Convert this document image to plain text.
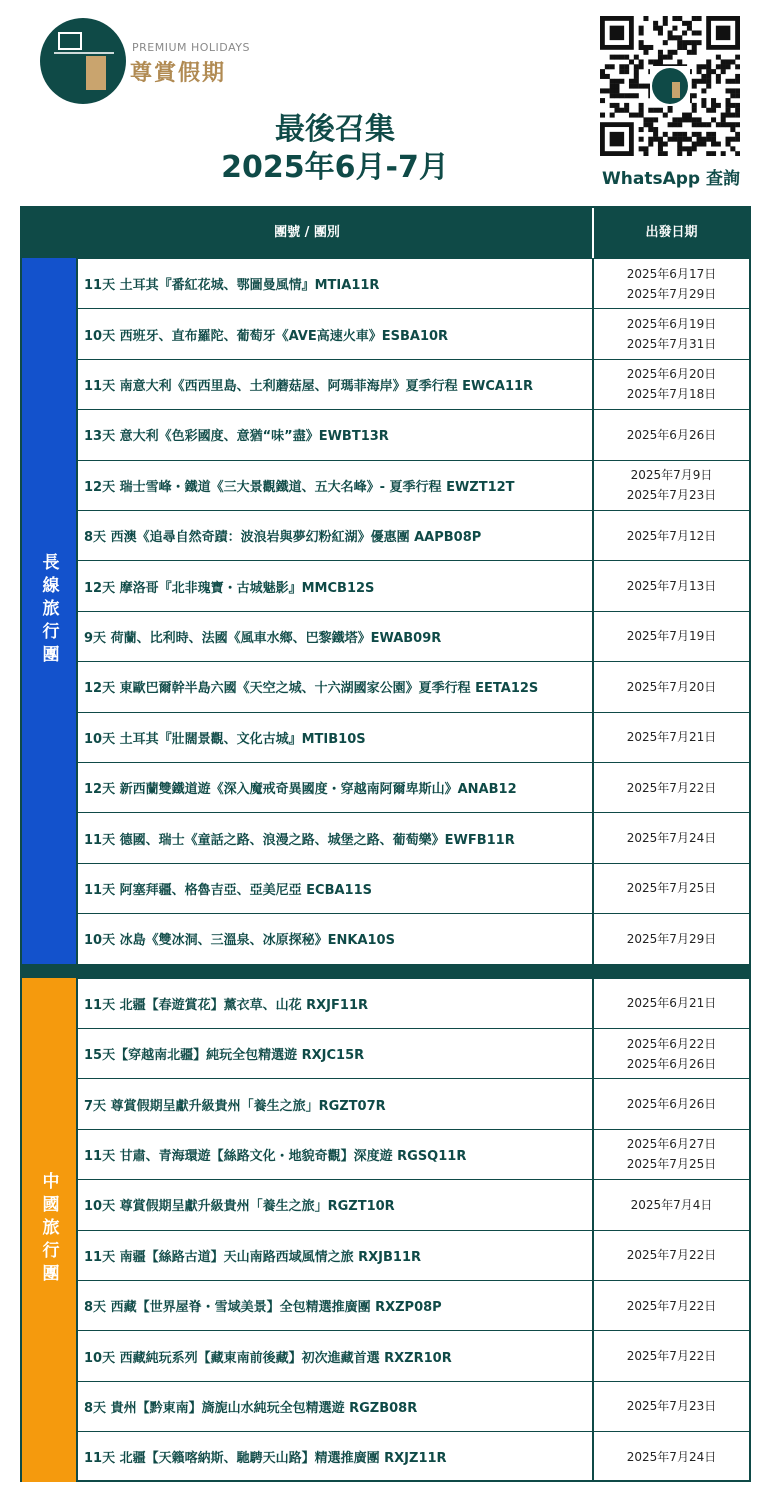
PREMIUM HOLIDAYS
尊賞假期
最後召集
2025年6月-7月	WhatsApp 查詢
團號 / 團別	出發日期
長線旅行團
11天 土耳其『番紅花城、鄂圖曼風情』MTIA11R
2025年6月17日
2025年7月29日
10天 西班牙、直布羅陀、葡萄牙《AVE高速火車》ESBA10R
2025年6月19日
2025年7月31日
11天 南意大利《西西里島、土利蘑菇屋、阿瑪菲海岸》夏季行程 EWCA11R
2025年6月20日
2025年7月18日
13天 意大利《色彩國度、意猶“味”盡》EWBT13R	2025年6月26日
12天 瑞士雪峰・鐵道《三大景觀鐵道、五大名峰》- 夏季行程 EWZT12T
2025年7月9日
2025年7月23日
8天 西澳《追尋自然奇蹟：波浪岩與夢幻粉紅湖》優惠團 AAPB08P	2025年7月12日
12天 摩洛哥『北非瑰寶・古城魅影』MMCB12S	2025年7月13日
9天 荷蘭、比利時、法國《風車水鄉、巴黎鐵塔》EWAB09R	2025年7月19日
12天 東歐巴爾幹半島六國《天空之城、十六湖國家公園》夏季行程 EETA12S	2025年7月20日
10天 土耳其『壯闊景觀、文化古城』MTIB10S	2025年7月21日
12天 新西蘭雙鐵道遊《深入魔戒奇異國度・穿越南阿爾卑斯山》ANAB12	2025年7月22日
11天 德國、瑞士《童話之路、浪漫之路、城堡之路、葡萄樂》EWFB11R	2025年7月24日
11天 阿塞拜疆、格魯吉亞、亞美尼亞 ECBA11S	2025年7月25日
10天 冰島《雙冰洞、三溫泉、冰原探秘》ENKA10S	2025年7月29日
中國旅行團
11天 北疆【春遊賞花】薰衣草、山花 RXJF11R	2025年6月21日
15天【穿越南北疆】純玩全包精選遊 RXJC15R
2025年6月22日
2025年6月26日
7天 尊賞假期呈獻升級貴州「養生之旅」RGZT07R	2025年6月26日
11天 甘肅、青海環遊【絲路文化・地貌奇觀】深度遊 RGSQ11R
2025年6月27日
2025年7月25日
10天 尊賞假期呈獻升級貴州「養生之旅」RGZT10R	2025年7月4日
11天 南疆【絲路古道】天山南路西域風情之旅 RXJB11R	2025年7月22日
8天 西藏【世界屋脊・雪域美景】全包精選推廣團 RXZP08P	2025年7月22日
10天 西藏純玩系列【藏東南前後藏】初次進藏首選 RXZR10R	2025年7月22日
8天 貴州【黔東南】旖旎山水純玩全包精選遊 RGZB08R	2025年7月23日
11天 北疆【天籟喀納斯、馳騁天山路】精選推廣團 RXJZ11R	2025年7月24日
